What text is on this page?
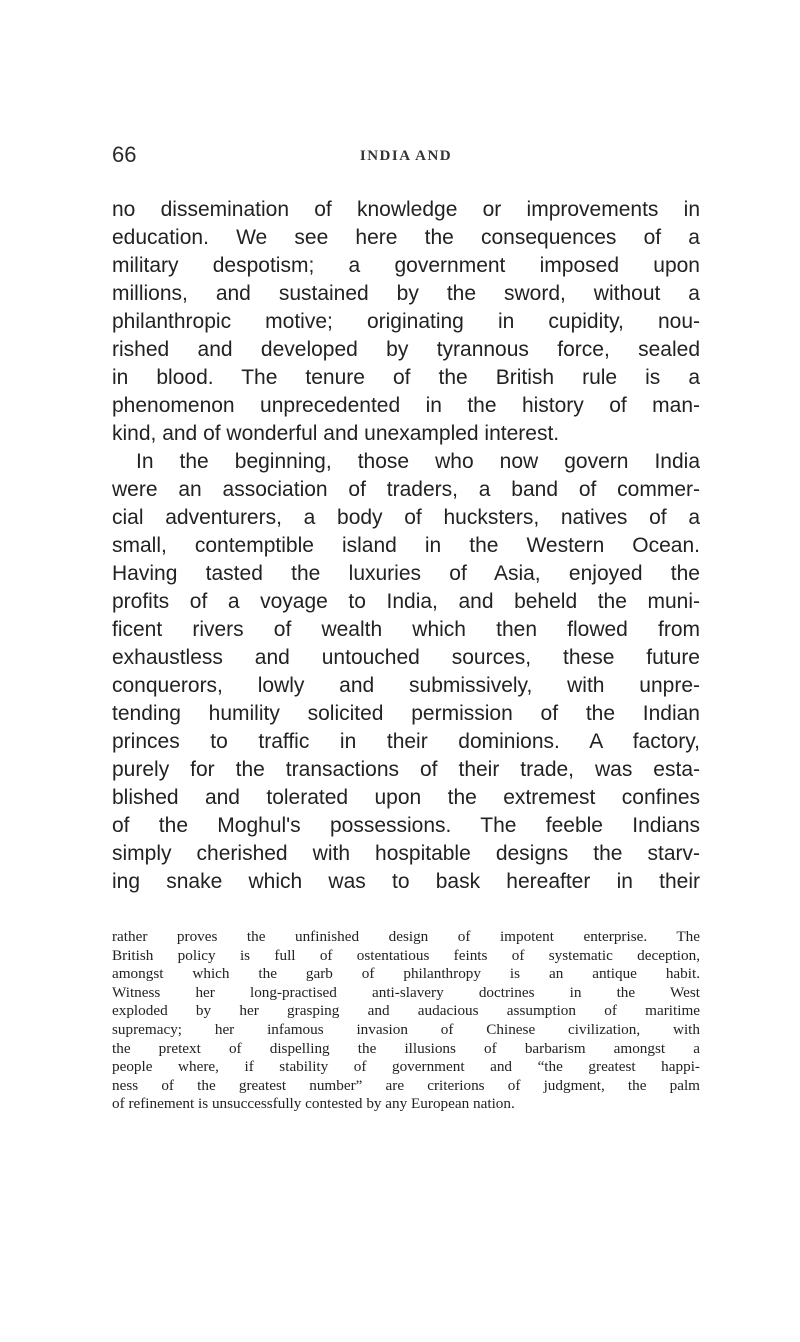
66	INDIA AND
no dissemination of knowledge or improvements in
education. We see here the consequences of a
military despotism; a government imposed upon
millions, and sustained by the sword, without a
philanthropic motive; originating in cupidity, nou-
rished and developed by tyrannous force, sealed
in blood. The tenure of the British rule is a
phenomenon unprecedented in the history of man-
kind, and of wonderful and unexampled interest.
In the beginning, those who now govern India
were an association of traders, a band of commer-
cial adventurers, a body of hucksters, natives of a
small, contemptible island in the Western Ocean.
Having tasted the luxuries of Asia, enjoyed the
profits of a voyage to India, and beheld the muni-
ficent rivers of wealth which then flowed from
exhaustless and untouched sources, these future
conquerors, lowly and submissively, with unpre-
tending humility solicited permission of the Indian
princes to traffic in their dominions. A factory,
purely for the transactions of their trade, was esta-
blished and tolerated upon the extremest confines
of the Moghul's possessions. The feeble Indians
simply cherished with hospitable designs the starv-
ing snake which was to bask hereafter in their
rather proves the unfinished design of impotent enterprise. The
British policy is full of ostentatious feints of systematic deception,
amongst which the garb of philanthropy is an antique habit.
Witness her long-practised anti-slavery doctrines in the West
exploded by her grasping and audacious assumption of maritime
supremacy; her infamous invasion of Chinese civilization, with
the pretext of dispelling the illusions of barbarism amongst a
people where, if stability of government and “the greatest happi-
ness of the greatest number” are criterions of judgment, the palm
of refinement is unsuccessfully contested by any European nation.
